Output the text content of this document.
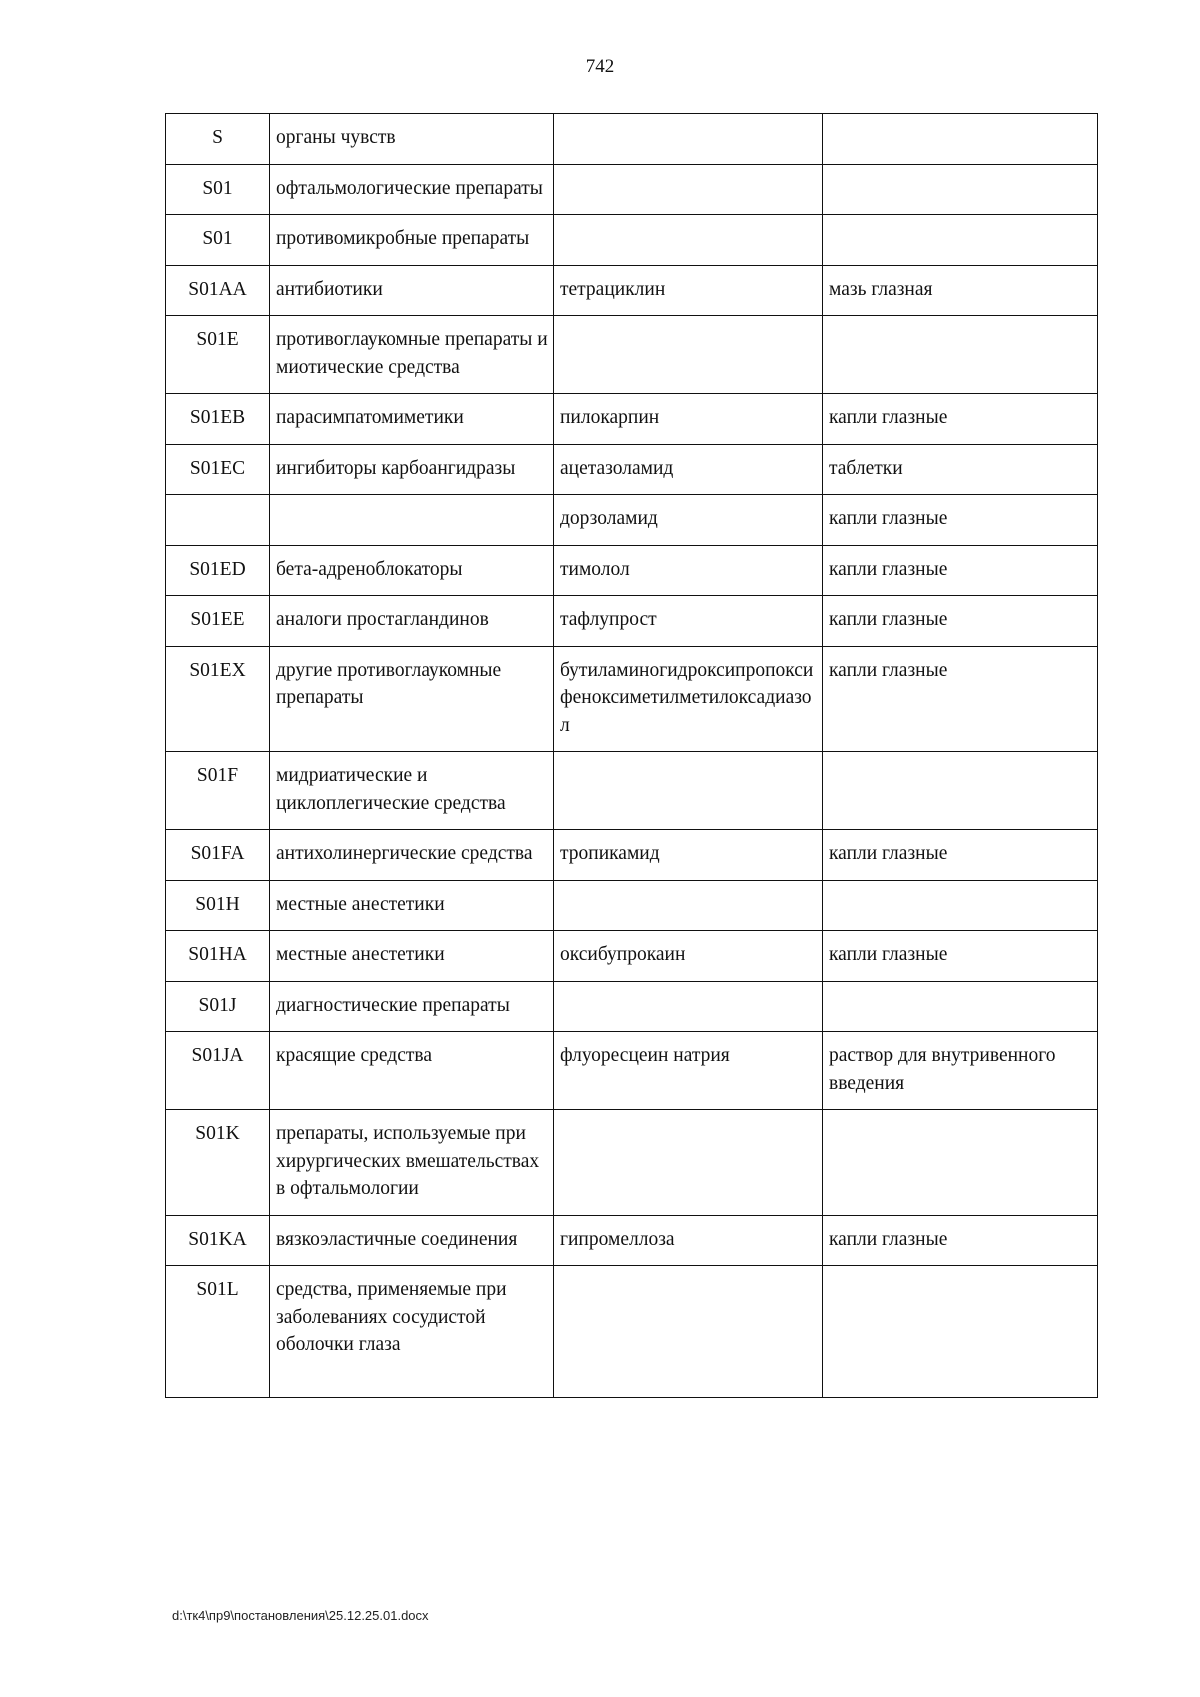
742
S	органы чувств		
S01	офтальмологические препараты		
S01	противомикробные препараты		
S01AA	антибиотики	тетрациклин	мазь глазная
S01E	противоглаукомные препараты и миотические средства		
S01EB	парасимпатомиметики	пилокарпин	капли глазные
S01EC	ингибиторы карбоангидразы	ацетазоламид	таблетки
		дорзоламид	капли глазные
S01ED	бета-адреноблокаторы	тимолол	капли глазные
S01EE	аналоги простагландинов	тафлупрост	капли глазные
S01EX	другие противоглаукомные препараты	бутиламиногидроксипропоксифеноксиметилметилоксадиазол	капли глазные
S01F	мидриатические и циклоплегические средства		
S01FA	антихолинергические средства	тропикамид	капли глазные
S01H	местные анестетики		
S01HA	местные анестетики	оксибупрокаин	капли глазные
S01J	диагностические препараты		
S01JA	красящие средства	флуоресцеин натрия	раствор для внутривенного введения
S01K	препараты, используемые при хирургических вмешательствах в офтальмологии		
S01KA	вязкоэластичные соединения	гипромеллоза	капли глазные
S01L	средства, применяемые при заболеваниях сосудистой оболочки глаза		
d:\тк4\пр9\постановления\25.12.25.01.docx
